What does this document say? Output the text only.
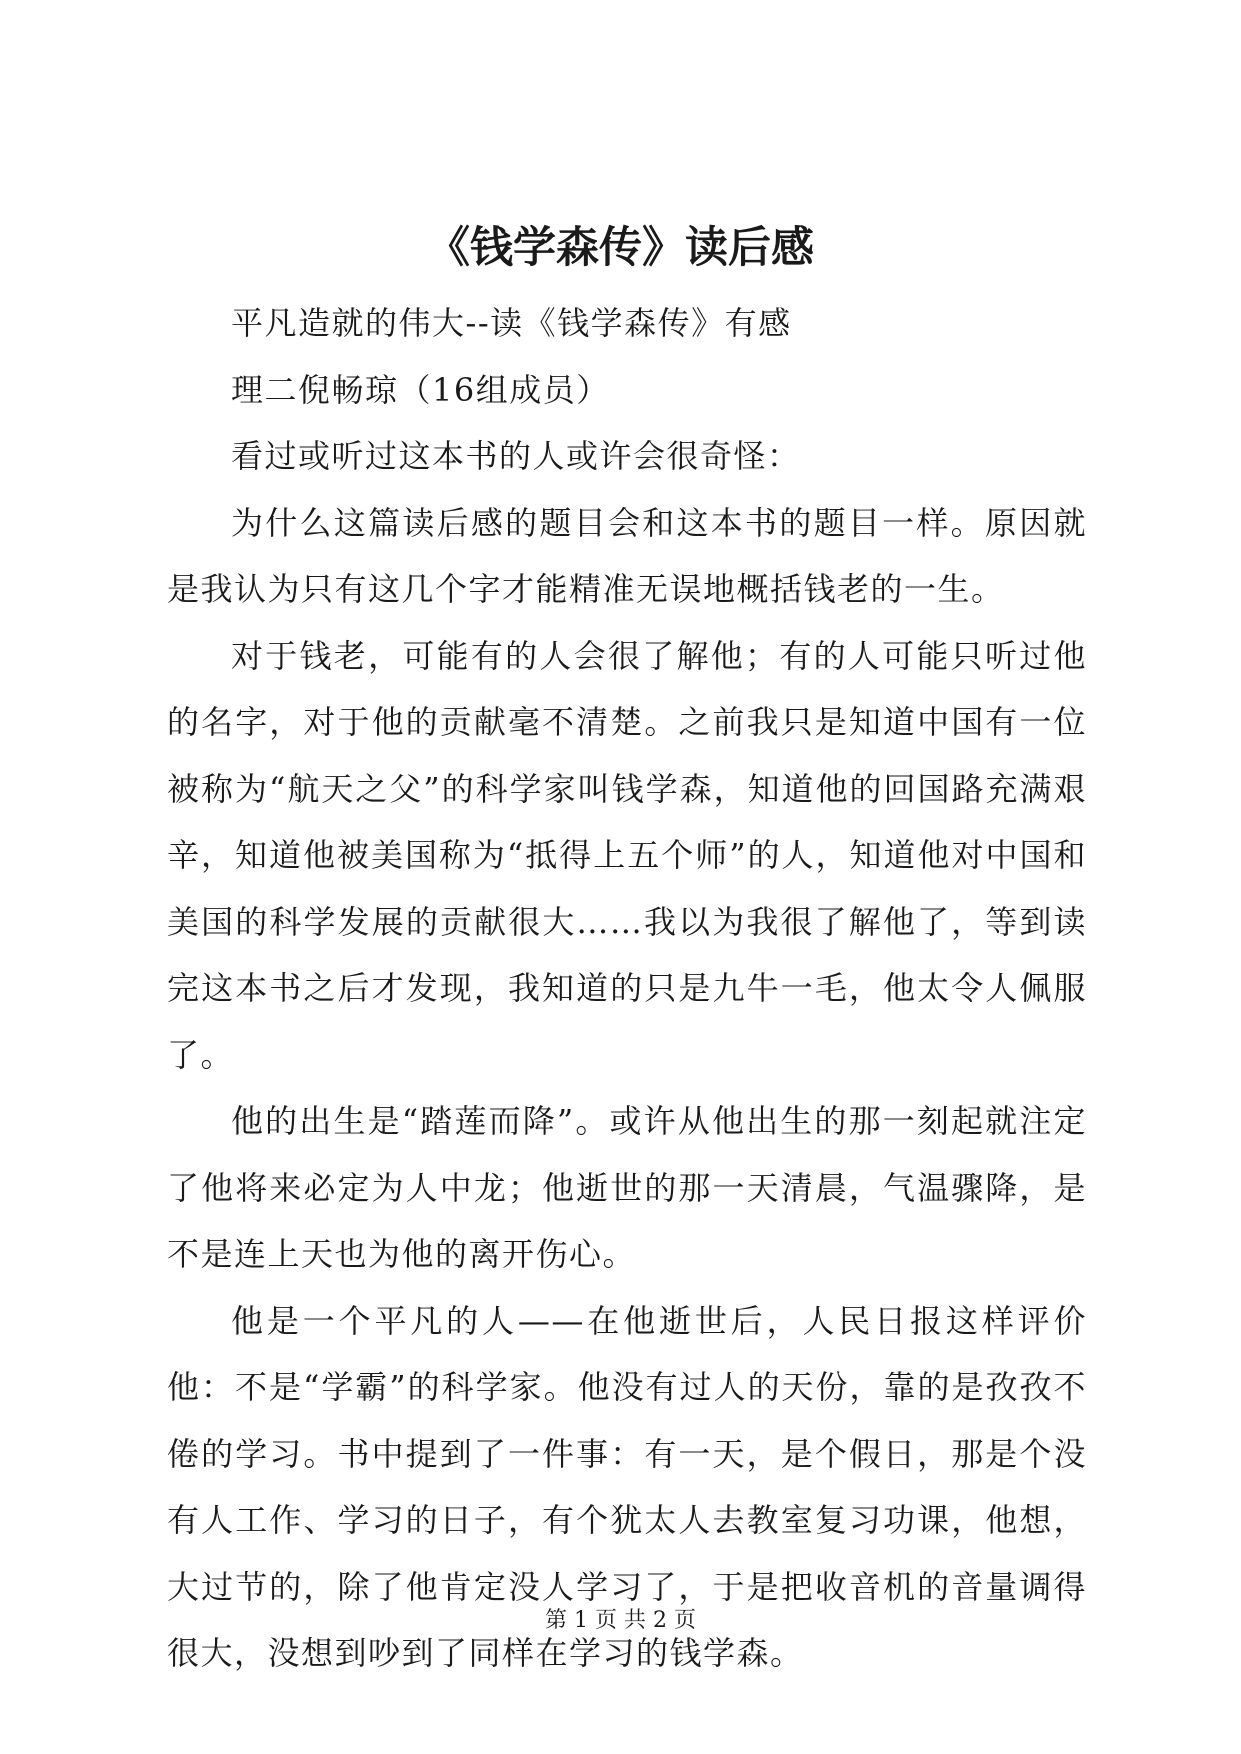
《钱学森传》读后感

平凡造就的伟大--读《钱学森传》有感

理二倪畅琼（16组成员）

看过或听过这本书的人或许会很奇怪：

为什么这篇读后感的题目会和这本书的题目一样。原因就是我认为只有这几个字才能精准无误地概括钱老的一生。

对于钱老，可能有的人会很了解他；有的人可能只听过他的名字，对于他的贡献毫不清楚。之前我只是知道中国有一位被称为“航天之父”的科学家叫钱学森，知道他的回国路充满艰辛，知道他被美国称为“抵得上五个师”的人，知道他对中国和美国的科学发展的贡献很大……我以为我很了解他了，等到读完这本书之后才发现，我知道的只是九牛一毛，他太令人佩服了。

他的出生是“踏莲而降”。或许从他出生的那一刻起就注定了他将来必定为人中龙；他逝世的那一天清晨，气温骤降，是不是连上天也为他的离开伤心。

他是一个平凡的人——在他逝世后，人民日报这样评价他：不是“学霸”的科学家。他没有过人的天份，靠的是孜孜不倦的学习。书中提到了一件事：有一天，是个假日，那是个没有人工作、学习的日子，有个犹太人去教室复习功课，他想，大过节的，除了他肯定没人学习了，于是把收音机的音量调得很大，没想到吵到了同样在学习的钱学森。

第 1 页 共 2 页
